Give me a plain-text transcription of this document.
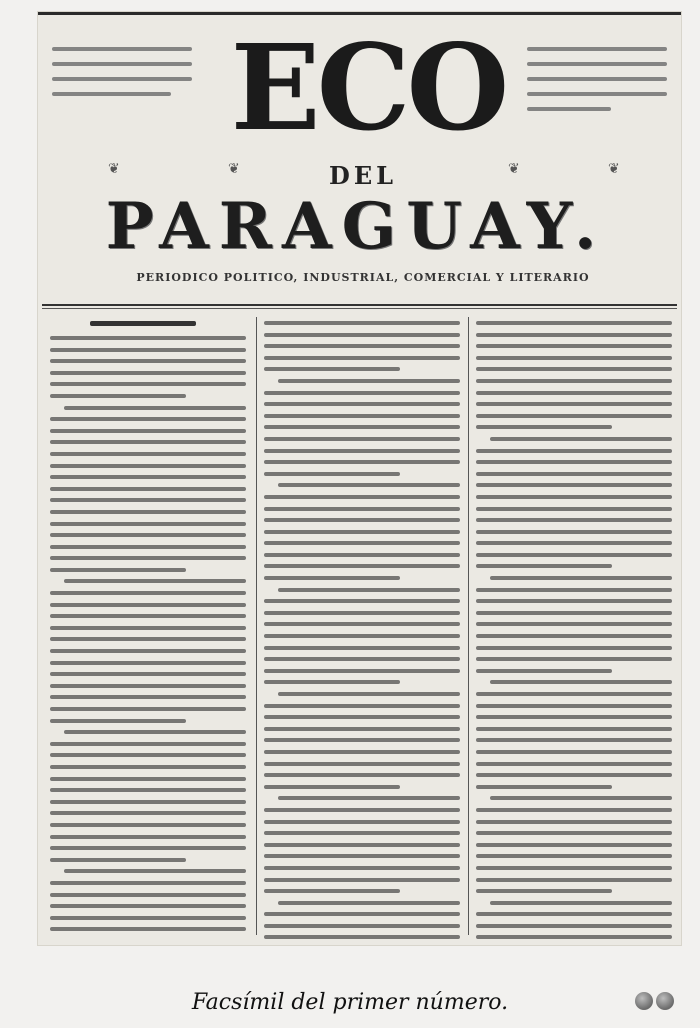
❦	❦	❦	❦
ECO
DEL
PARAGUAY.
PERIODICO POLITICO, INDUSTRIAL, COMERCIAL Y LITERARIO
Facsímil del primer número.
